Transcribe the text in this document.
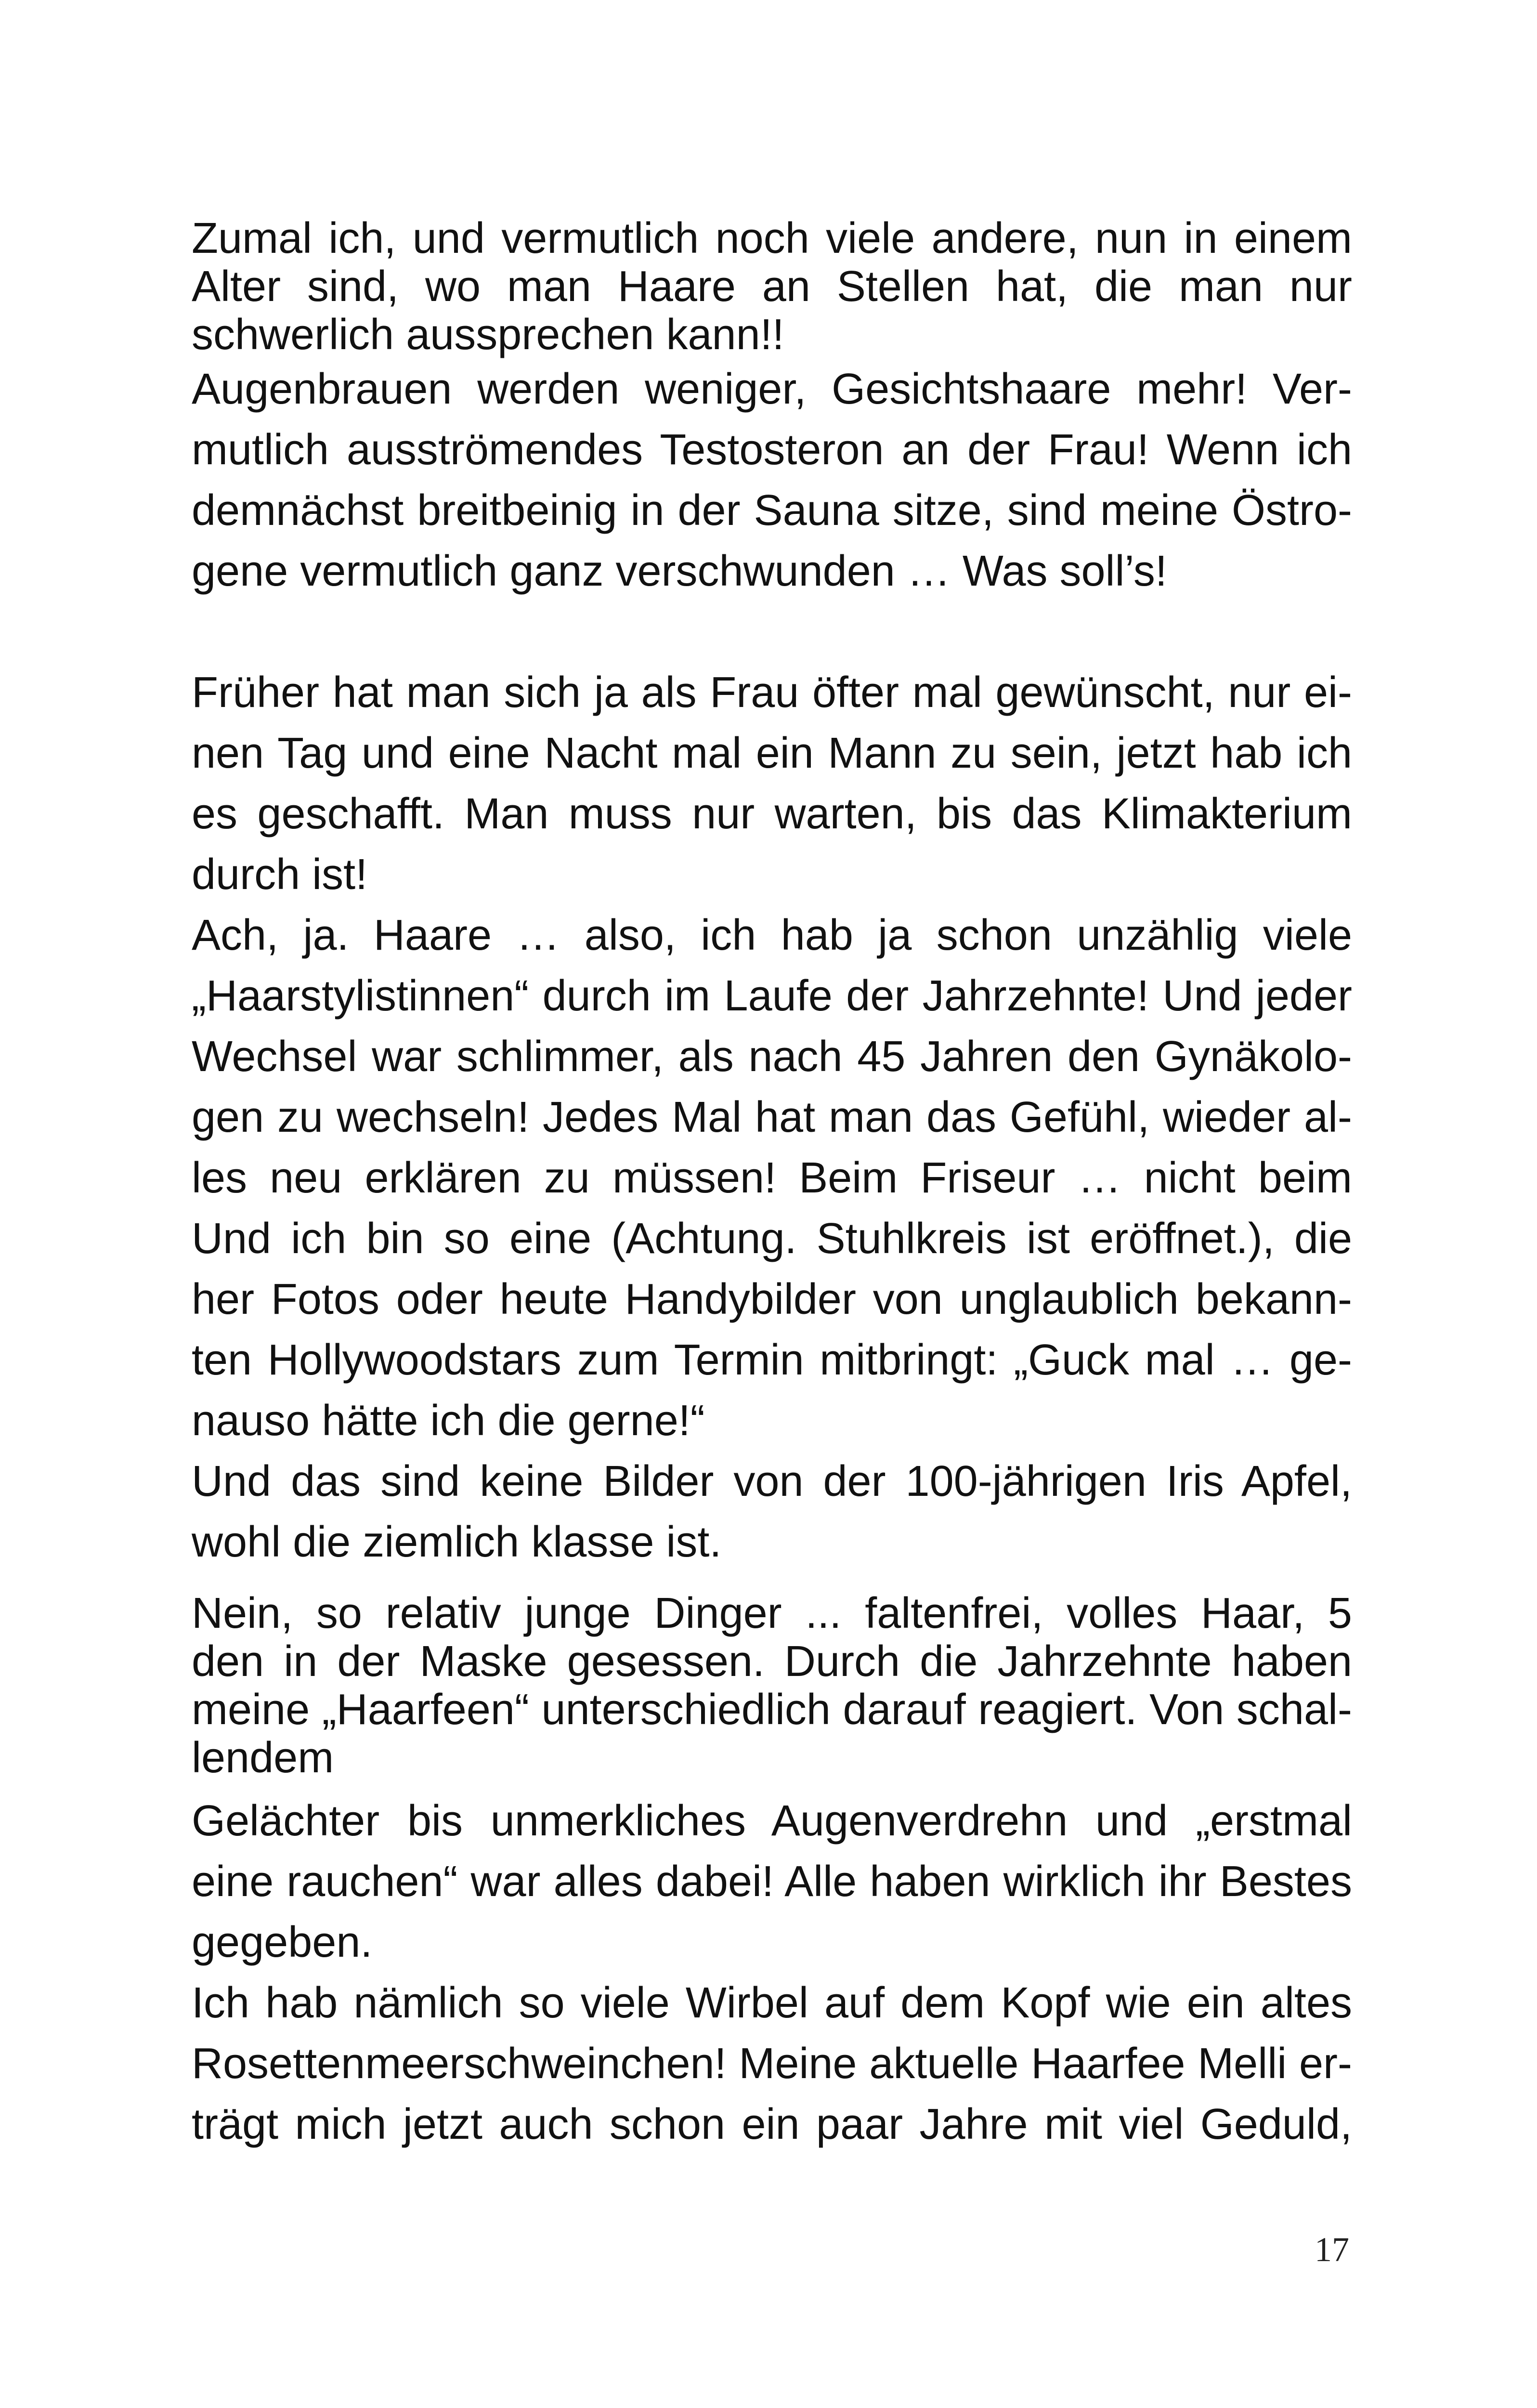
Zumal ich, und vermutlich noch viele andere, nun in einem
Alter sind, wo man Haare an Stellen hat, die man nur
schwerlich aussprechen kann!!
Augenbrauen werden weniger, Gesichtshaare mehr! Ver-
mutlich ausströmendes Testosteron an der Frau! Wenn ich
demnächst breitbeinig in der Sauna sitze, sind meine Östro-
gene vermutlich ganz verschwunden … Was soll’s!
Früher hat man sich ja als Frau öfter mal gewünscht, nur ei-
nen Tag und eine Nacht mal ein Mann zu sein, jetzt hab ich
es geschafft. Man muss nur warten, bis das Klimakterium
durch ist!
Ach, ja. Haare … also, ich hab ja schon unzählig viele
„Haarstylistinnen“ durch im Laufe der Jahrzehnte! Und jeder
Wechsel war schlimmer, als nach 45 Jahren den Gynäkolo-
gen zu wechseln! Jedes Mal hat man das Gefühl, wieder al-
les neu erklären zu müssen! Beim Friseur … nicht beim
Und ich bin so eine (Achtung. Stuhlkreis ist eröffnet.), die
her Fotos oder heute Handybilder von unglaublich bekann-
ten Hollywoodstars zum Termin mitbringt: „Guck mal … ge-
nauso hätte ich die gerne!“
Und das sind keine Bilder von der 100-jährigen Iris Apfel,
wohl die ziemlich klasse ist.
Nein, so relativ junge Dinger ... faltenfrei, volles Haar, 5
den in der Maske gesessen. Durch die Jahrzehnte haben
meine „Haarfeen“ unterschiedlich darauf reagiert. Von schal-
lendem
Gelächter bis unmerkliches Augenverdrehn und „erstmal
eine rauchen“ war alles dabei! Alle haben wirklich ihr Bestes
gegeben.
Ich hab nämlich so viele Wirbel auf dem Kopf wie ein altes
Rosettenmeerschweinchen! Meine aktuelle Haarfee Melli er-
trägt mich jetzt auch schon ein paar Jahre mit viel Geduld,
17
